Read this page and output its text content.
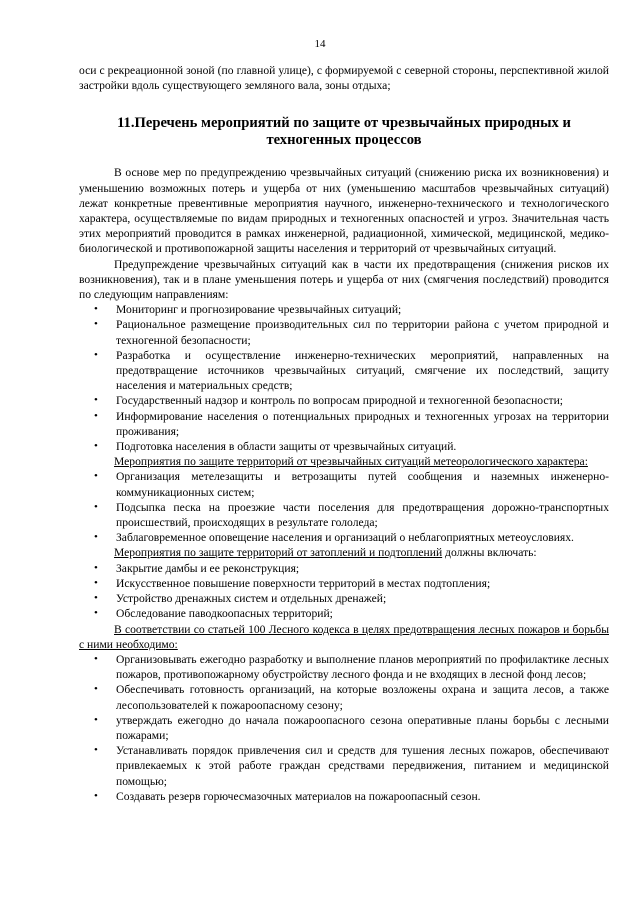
14

оси с рекреационной зоной (по главной улице), с формируемой с северной стороны, перспективной жилой застройки вдоль существующего земляного вала, зоны отдыха;

11.Перечень мероприятий по защите от чрезвычайных природных и техногенных процессов

В основе мер по предупреждению чрезвычайных ситуаций (снижению риска их возникновения) и уменьшению возможных потерь и ущерба от них (уменьшению масштабов чрезвычайных ситуаций) лежат конкретные превентивные мероприятия научного, инженерно-технического и технологического характера, осуществляемые по видам природных и техногенных опасностей и угроз. Значительная часть этих мероприятий проводится в рамках инженерной, радиационной, химической, медицинской, медико-биологической и противопожарной защиты населения и территорий от чрезвычайных ситуаций.

Предупреждение чрезвычайных ситуаций как в части их предотвращения (снижения рисков их возникновения), так и в плане уменьшения потерь и ущерба от них (смягчения последствий) проводится по следующим направлениям:

• Мониторинг и прогнозирование чрезвычайных ситуаций;
• Рациональное размещение производительных сил по территории района с учетом природной и техногенной безопасности;
• Разработка и осуществление инженерно-технических мероприятий, направленных на предотвращение источников чрезвычайных ситуаций, смягчение их последствий, защиту населения и материальных средств;
• Государственный надзор и контроль по вопросам природной и техногенной безопасности;
• Информирование населения о потенциальных природных и техногенных угрозах на территории проживания;
• Подготовка населения в области защиты от чрезвычайных ситуаций.

Мероприятия по защите территорий от чрезвычайных ситуаций метеорологического характера:

• Организация метелезащиты и ветрозащиты путей сообщения и наземных инженерно-коммуникационных систем;
• Подсыпка песка на проезжие части поселения для предотвращения дорожно-транспортных происшествий, происходящих в результате гололеда;
• Заблаговременное оповещение населения и организаций о неблагоприятных метеоусловиях.

Мероприятия по защите территорий от затоплений и подтоплений должны включать:

• Закрытие дамбы и ее реконструкция;
• Искусственное повышение поверхности территорий в местах подтопления;
• Устройство дренажных систем и отдельных дренажей;
• Обследование паводкоопасных территорий;

В соответствии со статьей 100 Лесного кодекса в целях предотвращения лесных пожаров и борьбы с ними необходимо:

• Организовывать ежегодно разработку и выполнение планов мероприятий по профилактике лесных пожаров, противопожарному обустройству лесного фонда и не входящих в лесной фонд лесов;
• Обеспечивать готовность организаций, на которые возложены охрана и защита лесов, а также лесопользователей к пожароопасному сезону;
• утверждать ежегодно до начала пожароопасного сезона оперативные планы борьбы с лесными пожарами;
• Устанавливать порядок привлечения сил и средств для тушения лесных пожаров, обеспечивают привлекаемых к этой работе граждан средствами передвижения, питанием и медицинской помощью;
• Создавать резерв горючесмазочных материалов на пожароопасный сезон.
